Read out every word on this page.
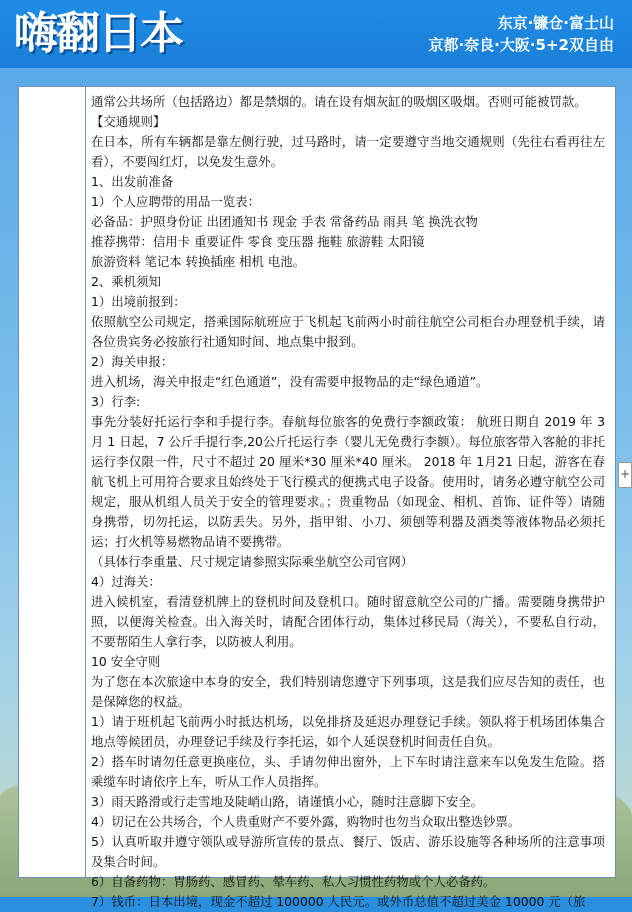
嗨翻日本	东京·镰仓·富士山
京都·奈良·大阪·5+2双自由
通常公共场所（包括路边）都是禁烟的。请在设有烟灰缸的吸烟区吸烟。否则可能被罚款。
【交通规则】
在日本，所有车辆都是靠左侧行驶，过马路时，请一定要遵守当地交通规则（先往右看再往左看），不要闯红灯，以免发生意外。
1、出发前准备
1）个人应聘带的用品一览表：
必备品：护照身份证 出团通知书 现金 手表 常备药品 雨具 笔 换洗衣物
推荐携带：信用卡 重要证件 零食 变压器 拖鞋 旅游鞋 太阳镜
旅游资料 笔记本 转换插座 相机 电池。
2、乘机须知
1）出境前报到：
依照航空公司规定，搭乘国际航班应于飞机起飞前两小时前往航空公司柜台办理登机手续，请各位贵宾务必按旅行社通知时间、地点集中报到。
2）海关申报：
进入机场，海关申报走“红色通道”，没有需要申报物品的走“绿色通道”。
3）行李:
事先分装好托运行李和手提行李。春航每位旅客的免费行李额政策： 航班日期自 2019 年 3 月 1 日起，7 公斤手提行李,20公斤托运行李（婴儿无免费行李额）。每位旅客带入客舱的非托运行李仅限一件，尺寸不超过 20 厘米*30 厘米*40 厘米。 2018 年 1月21 日起，游客在春航飞机上可用符合要求且始终处于飞行模式的便携式电子设备。使用时，请务必遵守航空公司规定，服从机组人员关于安全的管理要求。；贵重物品（如现金、相机、首饰、证件等）请随身携带，切勿托运，以防丢失。另外，指甲钳、小刀、须刨等利器及酒类等液体物品必须托运；打火机等易燃物品请不要携带。
（具体行李重量、尺寸规定请参照实际乘坐航空公司官网）
4）过海关：
进入候机室，看清登机牌上的登机时间及登机口。随时留意航空公司的广播。需要随身携带护照，以便海关检查。出入海关时，请配合团体行动，集体过移民局（海关），不要私自行动，不要帮陌生人拿行李，以防被人利用。
10 安全守则
为了您在本次旅途中本身的安全，我们特别请您遵守下列事项，这是我们应尽告知的责任，也是保障您的权益。
1）请于班机起飞前两小时抵达机场，以免排挤及延迟办理登记手续。领队将于机场团体集合地点等候团员，办理登记手续及行李托运，如个人延误登机时间责任自负。
2）搭车时请勿任意更换座位，头、手请勿伸出窗外，上下车时请注意来车以免发生危险。搭乘缆车时请依序上车，听从工作人员指挥。
3）雨天路滑或行走雪地及陡峭山路，请谨慎小心，随时注意脚下安全。
4）切记在公共场合，个人贵重财产不要外露，购物时也勿当众取出整迭钞票。
5）认真听取并遵守领队或导游所宣传的景点、餐厅、饭店、游乐设施等各种场所的注意事项及集合时间。
6）自备药物：胃肠药、感冒药、晕车药、私人习惯性药物或个人必备药。
7）钱币：日本出境，现金不超过 100000 人民元。或外币总值不超过美金 10000 元（旅
+
